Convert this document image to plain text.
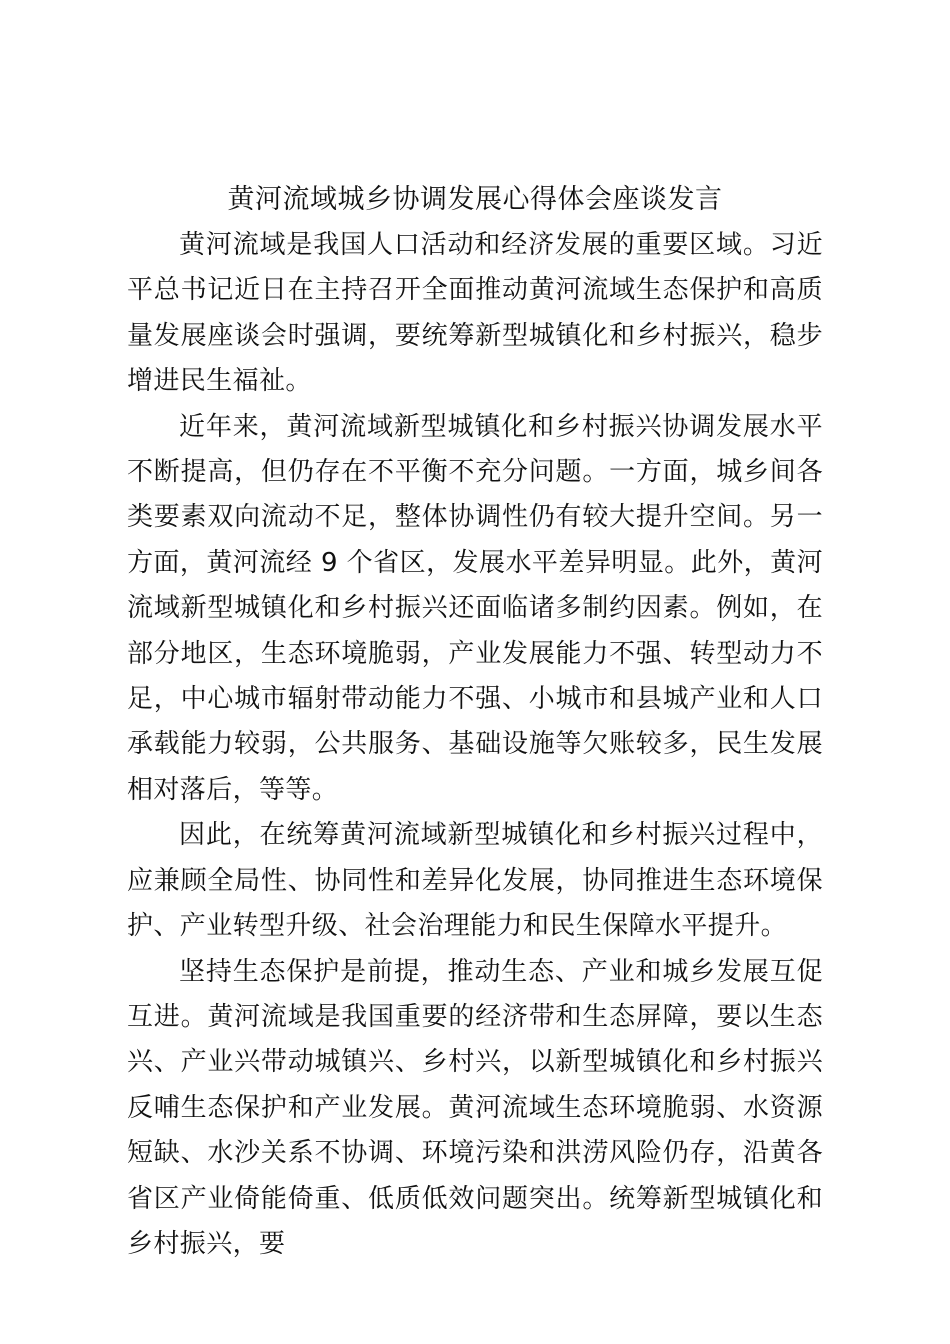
黄河流域城乡协调发展心得体会座谈发言

黄河流域是我国人口活动和经济发展的重要区域。习近平总书记近日在主持召开全面推动黄河流域生态保护和高质量发展座谈会时强调，要统筹新型城镇化和乡村振兴，稳步增进民生福祉。

近年来，黄河流域新型城镇化和乡村振兴协调发展水平不断提高，但仍存在不平衡不充分问题。一方面，城乡间各类要素双向流动不足，整体协调性仍有较大提升空间。另一方面，黄河流经 9 个省区，发展水平差异明显。此外，黄河流域新型城镇化和乡村振兴还面临诸多制约因素。例如，在部分地区，生态环境脆弱，产业发展能力不强、转型动力不足，中心城市辐射带动能力不强、小城市和县城产业和人口承载能力较弱，公共服务、基础设施等欠账较多，民生发展相对落后，等等。

因此，在统筹黄河流域新型城镇化和乡村振兴过程中，应兼顾全局性、协同性和差异化发展，协同推进生态环境保护、产业转型升级、社会治理能力和民生保障水平提升。

坚持生态保护是前提，推动生态、产业和城乡发展互促互进。黄河流域是我国重要的经济带和生态屏障，要以生态兴、产业兴带动城镇兴、乡村兴，以新型城镇化和乡村振兴反哺生态保护和产业发展。黄河流域生态环境脆弱、水资源短缺、水沙关系不协调、环境污染和洪涝风险仍存，沿黄各省区产业倚能倚重、低质低效问题突出。统筹新型城镇化和乡村振兴，要
